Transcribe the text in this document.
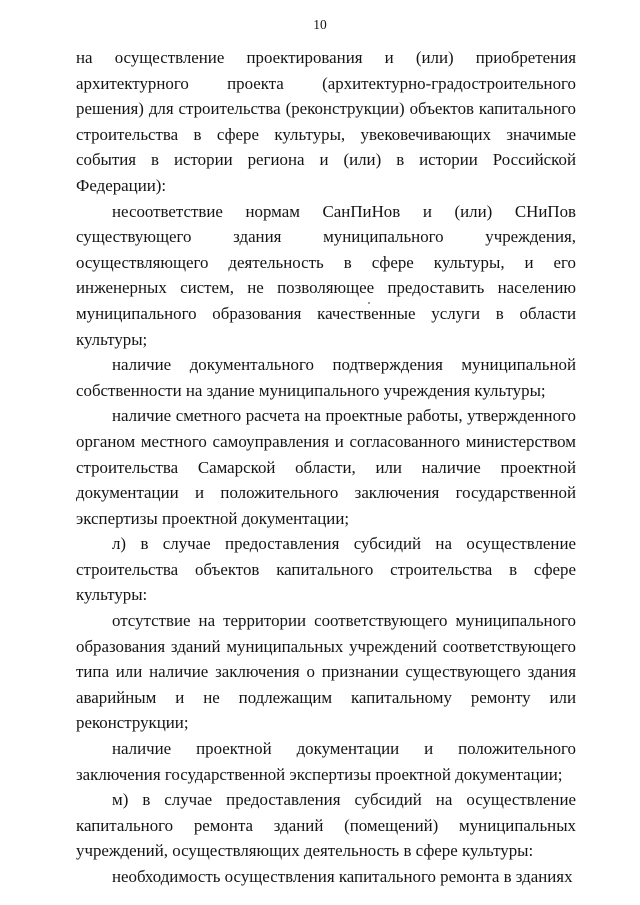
10

на осуществление проектирования и (или) приобретения архитектурного проекта (архитектурно-градостроительного решения) для строительства (реконструкции) объектов капитального строительства в сфере культуры, увековечивающих значимые события в истории региона и (или) в истории Российской Федерации):

несоответствие нормам СанПиНов и (или) СНиПов существующего здания муниципального учреждения, осуществляющего деятельность в сфере культуры, и его инженерных систем, не позволяющее предоставить населению муниципального образования качественные услуги в области культуры;

наличие документального подтверждения муниципальной собственности на здание муниципального учреждения культуры;

наличие сметного расчета на проектные работы, утвержденного органом местного самоуправления и согласованного министерством строительства Самарской области, или наличие проектной документации и положительного заключения государственной экспертизы проектной документации;

л) в случае предоставления субсидий на осуществление строительства объектов капитального строительства в сфере культуры:

отсутствие на территории соответствующего муниципального образования зданий муниципальных учреждений соответствующего типа или наличие заключения о признании существующего здания аварийным и не подлежащим капитальному ремонту или реконструкции;

наличие проектной документации и положительного заключения государственной экспертизы проектной документации;

м) в случае предоставления субсидий на осуществление капитального ремонта зданий (помещений) муниципальных учреждений, осуществляющих деятельность в сфере культуры:

необходимость осуществления капитального ремонта в зданиях
